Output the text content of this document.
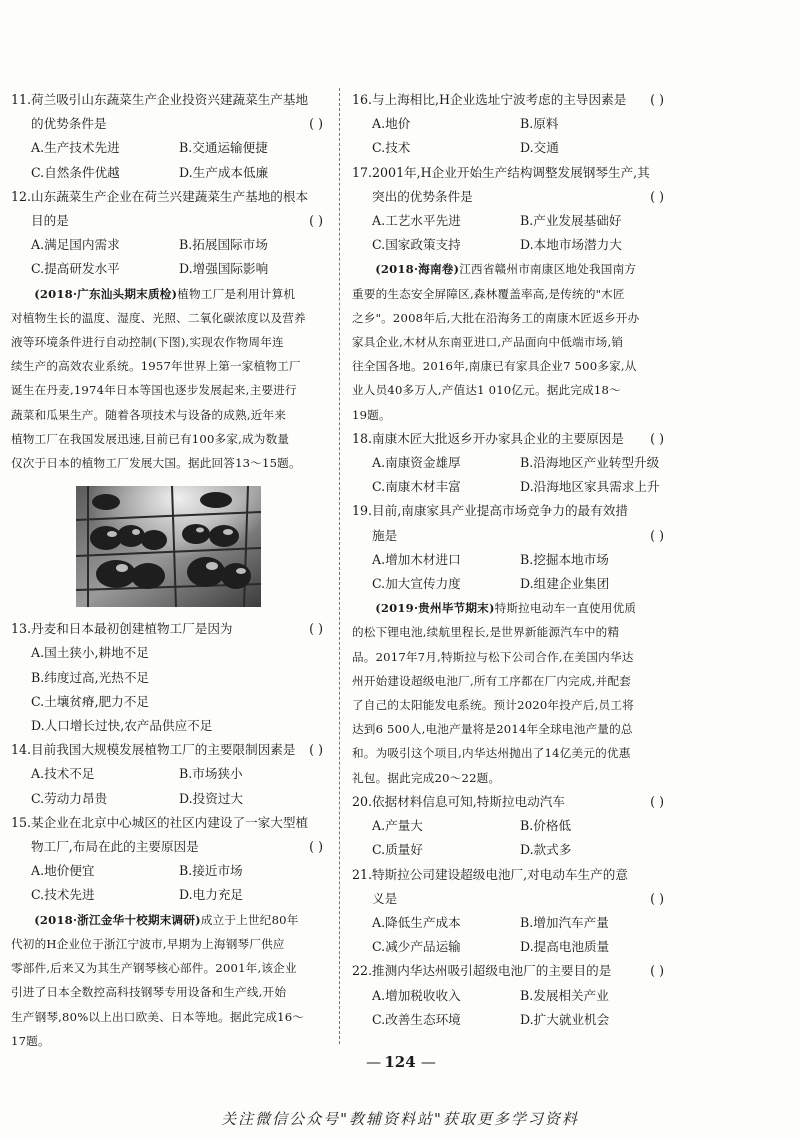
11.荷兰吸引山东蔬菜生产企业投资兴建蔬菜生产基地
的优势条件是	( )
A.生产技术先进	B.交通运输便捷
C.自然条件优越	D.生产成本低廉
12.山东蔬菜生产企业在荷兰兴建蔬菜生产基地的根本
目的是	( )
A.满足国内需求	B.拓展国际市场
C.提高研发水平	D.增强国际影响

(2018·广东汕头期末质检)植物工厂是利用计算机

对植物生长的温度、湿度、光照、二氧化碳浓度以及营养
液等环境条件进行自动控制(下图),实现农作物周年连
续生产的高效农业系统。1957年世界上第一家植物工厂
诞生在丹麦,1974年日本等国也逐步发展起来,主要进行
蔬菜和瓜果生产。随着各项技术与设备的成熟,近年来
植物工厂在我国发展迅速,目前已有100多家,成为数量
仅次于日本的植物工厂发展大国。据此回答13～15题。
13.丹麦和日本最初创建植物工厂是因为	( )
A.国土狭小,耕地不足
B.纬度过高,光热不足
C.土壤贫瘠,肥力不足
D.人口增长过快,农产品供应不足
14.目前我国大规模发展植物工厂的主要限制因素是 ( )
A.技术不足	B.市场狭小
C.劳动力昂贵	D.投资过大
15.某企业在北京中心城区的社区内建设了一家大型植
物工厂,布局在此的主要原因是	( )
A.地价便宜	B.接近市场
C.技术先进	D.电力充足

(2018·浙江金华十校期末调研)成立于上世纪80年

代初的H企业位于浙江宁波市,早期为上海钢琴厂供应
零部件,后来又为其生产钢琴核心部件。2001年,该企业
引进了日本全数控高科技钢琴专用设备和生产线,开始
生产钢琴,80%以上出口欧美、日本等地。据此完成16～
17题。
16.与上海相比,H企业选址宁波考虑的主导因素是 ( )
A.地价	B.原料
C.技术	D.交通
17.2001年,H企业开始生产结构调整发展钢琴生产,其
突出的优势条件是	( )
A.工艺水平先进	B.产业发展基础好
C.国家政策支持	D.本地市场潜力大

(2018·海南卷)江西省赣州市南康区地处我国南方

重要的生态安全屏障区,森林覆盖率高,是传统的"木匠
之乡"。2008年后,大批在沿海务工的南康木匠返乡开办
家具企业,木材从东南亚进口,产品面向中低端市场,销
往全国各地。2016年,南康已有家具企业7 500多家,从
业人员40多万人,产值达1 010亿元。据此完成18～
19题。
18.南康木匠大批返乡开办家具企业的主要原因是 ( )
A.南康资金雄厚	B.沿海地区产业转型升级
C.南康木材丰富	D.沿海地区家具需求上升
19.目前,南康家具产业提高市场竞争力的最有效措
施是	( )
A.增加木材进口	B.挖掘本地市场
C.加大宣传力度	D.组建企业集团

(2019·贵州毕节期末)特斯拉电动车一直使用优质

的松下锂电池,续航里程长,是世界新能源汽车中的精
品。2017年7月,特斯拉与松下公司合作,在美国内华达
州开始建设超级电池厂,所有工序都在厂内完成,并配套
了自己的太阳能发电系统。预计2020年投产后,员工将
达到6 500人,电池产量将是2014年全球电池产量的总
和。为吸引这个项目,内华达州抛出了14亿美元的优惠
礼包。据此完成20～22题。
20.依据材料信息可知,特斯拉电动汽车	( )
A.产量大	B.价格低
C.质量好	D.款式多
21.特斯拉公司建设超级电池厂,对电动车生产的意
义是	( )
A.降低生产成本	B.增加汽车产量
C.减少产品运输	D.提高电池质量
22.推测内华达州吸引超级电池厂的主要目的是	( )
A.增加税收收入	B.发展相关产业
C.改善生态环境	D.扩大就业机会
— 124 —
关注微信公众号"教辅资料站"获取更多学习资料
